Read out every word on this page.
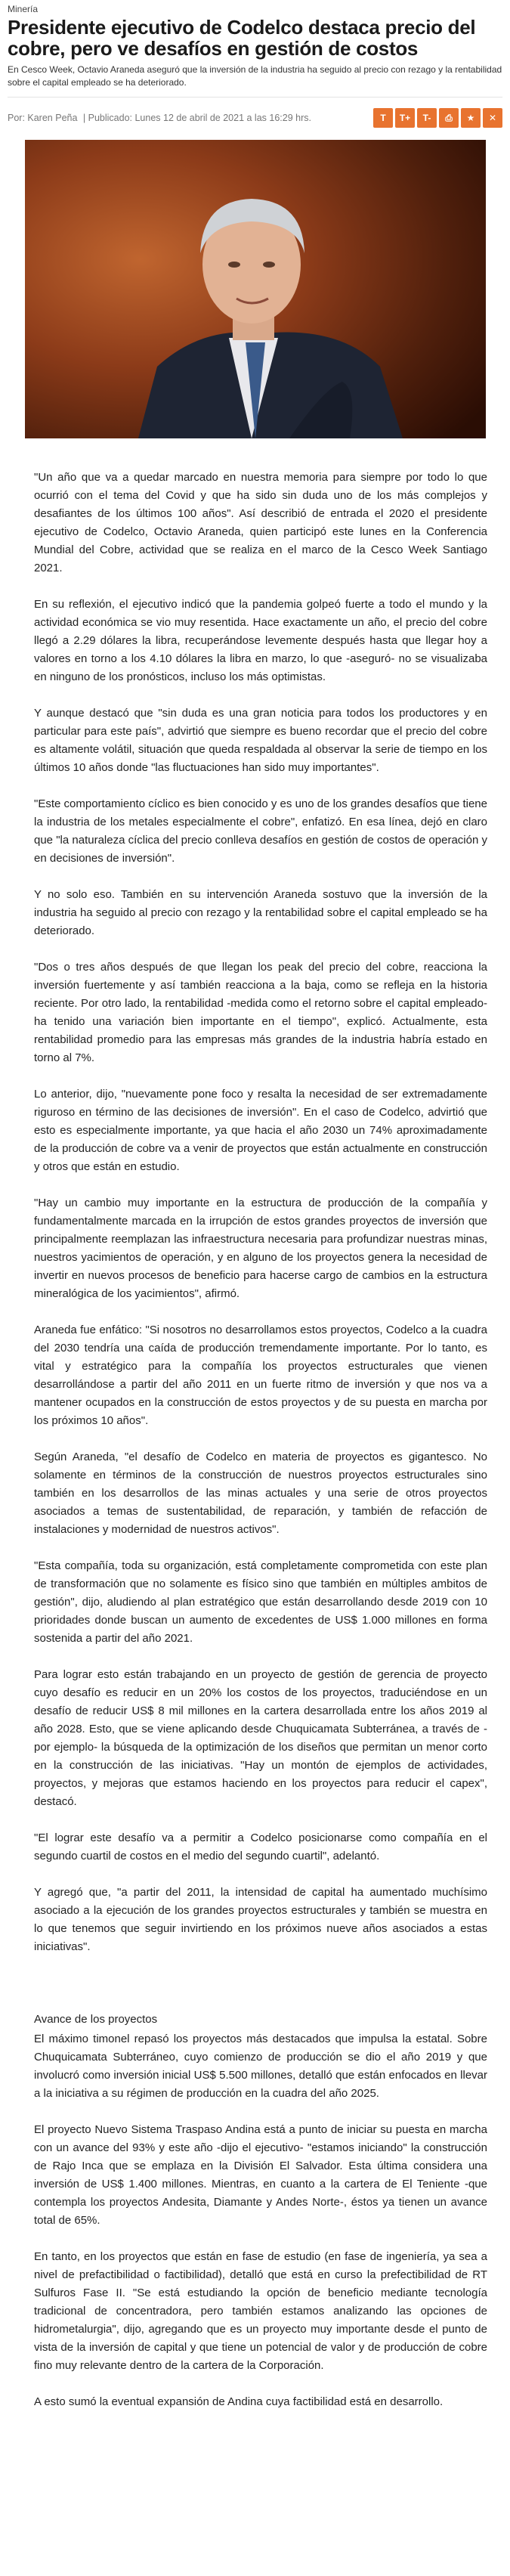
Minería
Presidente ejecutivo de Codelco destaca precio del cobre, pero ve desafíos en gestión de costos
En Cesco Week, Octavio Araneda aseguró que la inversión de la industria ha seguido al precio con rezago y la rentabilidad sobre el capital empleado se ha deteriorado.
Por: Karen Peña | Publicado: Lunes 12 de abril de 2021 a las 16:29 hrs.	T	T+	T-	⎙	★	✕

"Un año que va a quedar marcado en nuestra memoria para siempre por todo lo que ocurrió con el tema del Covid y que ha sido sin duda uno de los más complejos y desafiantes de los últimos 100 años". Así describió de entrada el 2020 el presidente ejecutivo de Codelco, Octavio Araneda, quien participó este lunes en la Conferencia Mundial del Cobre, actividad que se realiza en el marco de la Cesco Week Santiago 2021.

En su reflexión, el ejecutivo indicó que la pandemia golpeó fuerte a todo el mundo y la actividad económica se vio muy resentida. Hace exactamente un año, el precio del cobre llegó a 2.29 dólares la libra, recuperándose levemente después hasta que llegar hoy a valores en torno a los 4.10 dólares la libra en marzo, lo que -aseguró- no se visualizaba en ninguno de los pronósticos, incluso los más optimistas.

Y aunque destacó que "sin duda es una gran noticia para todos los productores y en particular para este país", advirtió que siempre es bueno recordar que el precio del cobre es altamente volátil, situación que queda respaldada al observar la serie de tiempo en los últimos 10 años donde "las fluctuaciones han sido muy importantes".

"Este comportamiento cíclico es bien conocido y es uno de los grandes desafíos que tiene la industria de los metales especialmente el cobre", enfatizó. En esa línea, dejó en claro que "la naturaleza cíclica del precio conlleva desafíos en gestión de costos de operación y en decisiones de inversión".

Y no solo eso. También en su intervención Araneda sostuvo que la inversión de la industria ha seguido al precio con rezago y la rentabilidad sobre el capital empleado se ha deteriorado.

"Dos o tres años después de que llegan los peak del precio del cobre, reacciona la inversión fuertemente y así también reacciona a la baja, como se refleja en la historia reciente. Por otro lado, la rentabilidad -medida como el retorno sobre el capital empleado- ha tenido una variación bien importante en el tiempo", explicó. Actualmente, esta rentabilidad promedio para las empresas más grandes de la industria habría estado en torno al 7%.

Lo anterior, dijo, "nuevamente pone foco y resalta la necesidad de ser extremadamente riguroso en término de las decisiones de inversión". En el caso de Codelco, advirtió que esto es especialmente importante, ya que hacia el año 2030 un 74% aproximadamente de la producción de cobre va a venir de proyectos que están actualmente en construcción y otros que están en estudio.

"Hay un cambio muy importante en la estructura de producción de la compañía y fundamentalmente marcada en la irrupción de estos grandes proyectos de inversión que principalmente reemplazan las infraestructura necesaria para profundizar nuestras minas, nuestros yacimientos de operación, y en alguno de los proyectos genera la necesidad de invertir en nuevos procesos de beneficio para hacerse cargo de cambios en la estructura mineralógica de los yacimientos", afirmó.

Araneda fue enfático: "Si nosotros no desarrollamos estos proyectos, Codelco a la cuadra del 2030 tendría una caída de producción tremendamente importante. Por lo tanto, es vital y estratégico para la compañía los proyectos estructurales que vienen desarrollándose a partir del año 2011 en un fuerte ritmo de inversión y que nos va a mantener ocupados en la construcción de estos proyectos y de su puesta en marcha por los próximos 10 años".

Según Araneda, "el desafío de Codelco en materia de proyectos es gigantesco. No solamente en términos de la construcción de nuestros proyectos estructurales sino también en los desarrollos de las minas actuales y una serie de otros proyectos asociados a temas de sustentabilidad, de reparación, y también de refacción de instalaciones y modernidad de nuestros activos".

"Esta compañía, toda su organización, está completamente comprometida con este plan de transformación que no solamente es físico sino que también en múltiples ambitos de gestión", dijo, aludiendo al plan estratégico que están desarrollando desde 2019 con 10 prioridades donde buscan un aumento de excedentes de US$ 1.000 millones en forma sostenida a partir del año 2021.

Para lograr esto están trabajando en un proyecto de gestión de gerencia de proyecto cuyo desafío es reducir en un 20% los costos de los proyectos, traduciéndose en un desafío de reducir US$ 8 mil millones en la cartera desarrollada entre los años 2019 al año 2028. Esto, que se viene aplicando desde Chuquicamata Subterránea, a través de -por ejemplo- la búsqueda de la optimización de los diseños que permitan un menor corto en la construcción de las iniciativas. "Hay un montón de ejemplos de actividades, proyectos, y mejoras que estamos haciendo en los proyectos para reducir el capex", destacó.

"El lograr este desafío va a permitir a Codelco posicionarse como compañía en el segundo cuartil de costos en el medio del segundo cuartil", adelantó.

Y agregó que, "a partir del 2011, la intensidad de capital ha aumentado muchísimo asociado a la ejecución de los grandes proyectos estructurales y también se muestra en lo que tenemos que seguir invirtiendo en los próximos nueve años asociados a estas iniciativas".

Avance de los proyectos

El máximo timonel repasó los proyectos más destacados que impulsa la estatal. Sobre Chuquicamata Subterráneo, cuyo comienzo de producción se dio el año 2019 y que involucró como inversión inicial US$ 5.500 millones, detalló que están enfocados en llevar a la iniciativa a su régimen de producción en la cuadra del año 2025.

El proyecto Nuevo Sistema Traspaso Andina está a punto de iniciar su puesta en marcha con un avance del 93% y este año -dijo el ejecutivo- "estamos iniciando" la construcción de Rajo Inca que se emplaza en la División El Salvador. Esta última considera una inversión de US$ 1.400 millones. Mientras, en cuanto a la cartera de El Teniente -que contempla los proyectos Andesita, Diamante y Andes Norte-, éstos ya tienen un avance total de 65%.

En tanto, en los proyectos que están en fase de estudio (en fase de ingeniería, ya sea a nivel de prefactibilidad o factibilidad), detalló que está en curso la prefectibilidad de RT Sulfuros Fase II. "Se está estudiando la opción de beneficio mediante tecnología tradicional de concentradora, pero también estamos analizando las opciones de hidrometalurgia", dijo, agregando que es un proyecto muy importante desde el punto de vista de la inversión de capital y que tiene un potencial de valor y de producción de cobre fino muy relevante dentro de la cartera de la Corporación.

A esto sumó la eventual expansión de Andina cuya factibilidad está en desarrollo.
